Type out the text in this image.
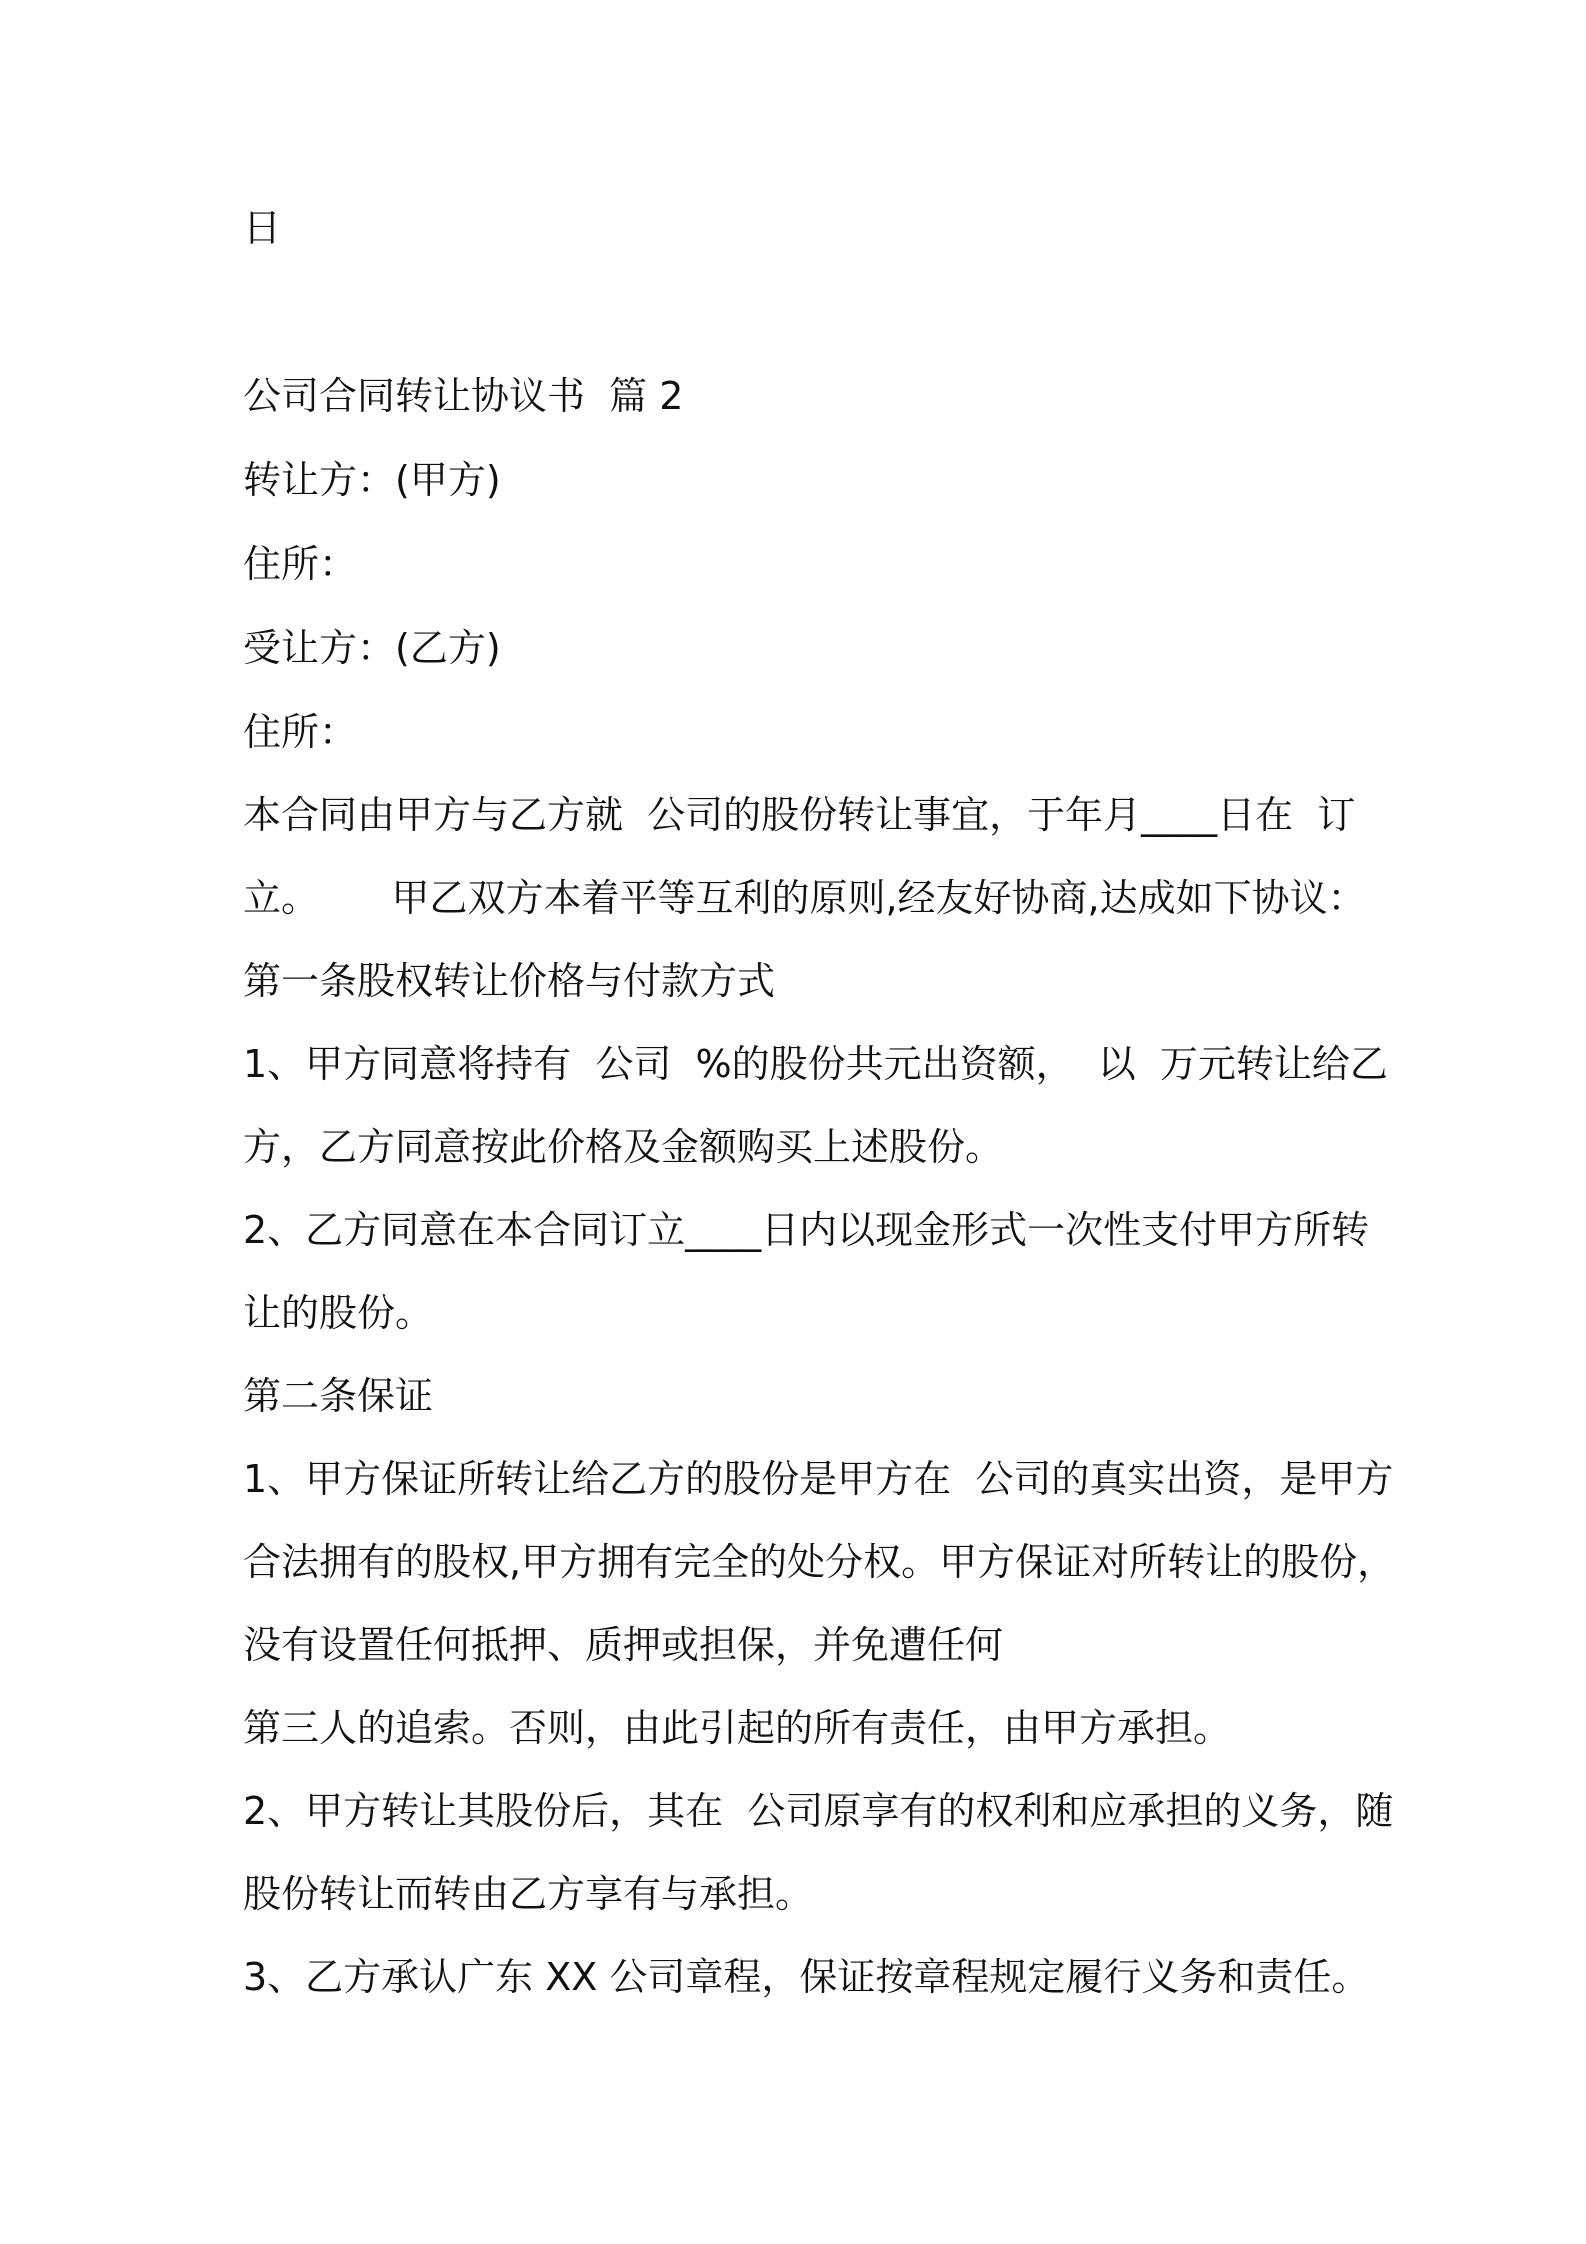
日
公司合同转让协议书  篇 2
转让方：(甲方)
住所：
受让方：(乙方)
住所：
本合同由甲方与乙方就  公司的股份转让事宜，于年月____日在  订
立。      甲乙双方本着平等互利的原则,经友好协商,达成如下协议：
第一条股权转让价格与付款方式
1、甲方同意将持有  公司  %的股份共元出资额，  以  万元转让给乙
方，乙方同意按此价格及金额购买上述股份。
2、乙方同意在本合同订立____日内以现金形式一次性支付甲方所转
让的股份。
第二条保证
1、甲方保证所转让给乙方的股份是甲方在  公司的真实出资，是甲方
合法拥有的股权,甲方拥有完全的处分权。甲方保证对所转让的股份，
没有设置任何抵押、质押或担保，并免遭任何
第三人的追索。否则，由此引起的所有责任，由甲方承担。
2、甲方转让其股份后，其在  公司原享有的权利和应承担的义务，随
股份转让而转由乙方享有与承担。
3、乙方承认广东 XX 公司章程，保证按章程规定履行义务和责任。
